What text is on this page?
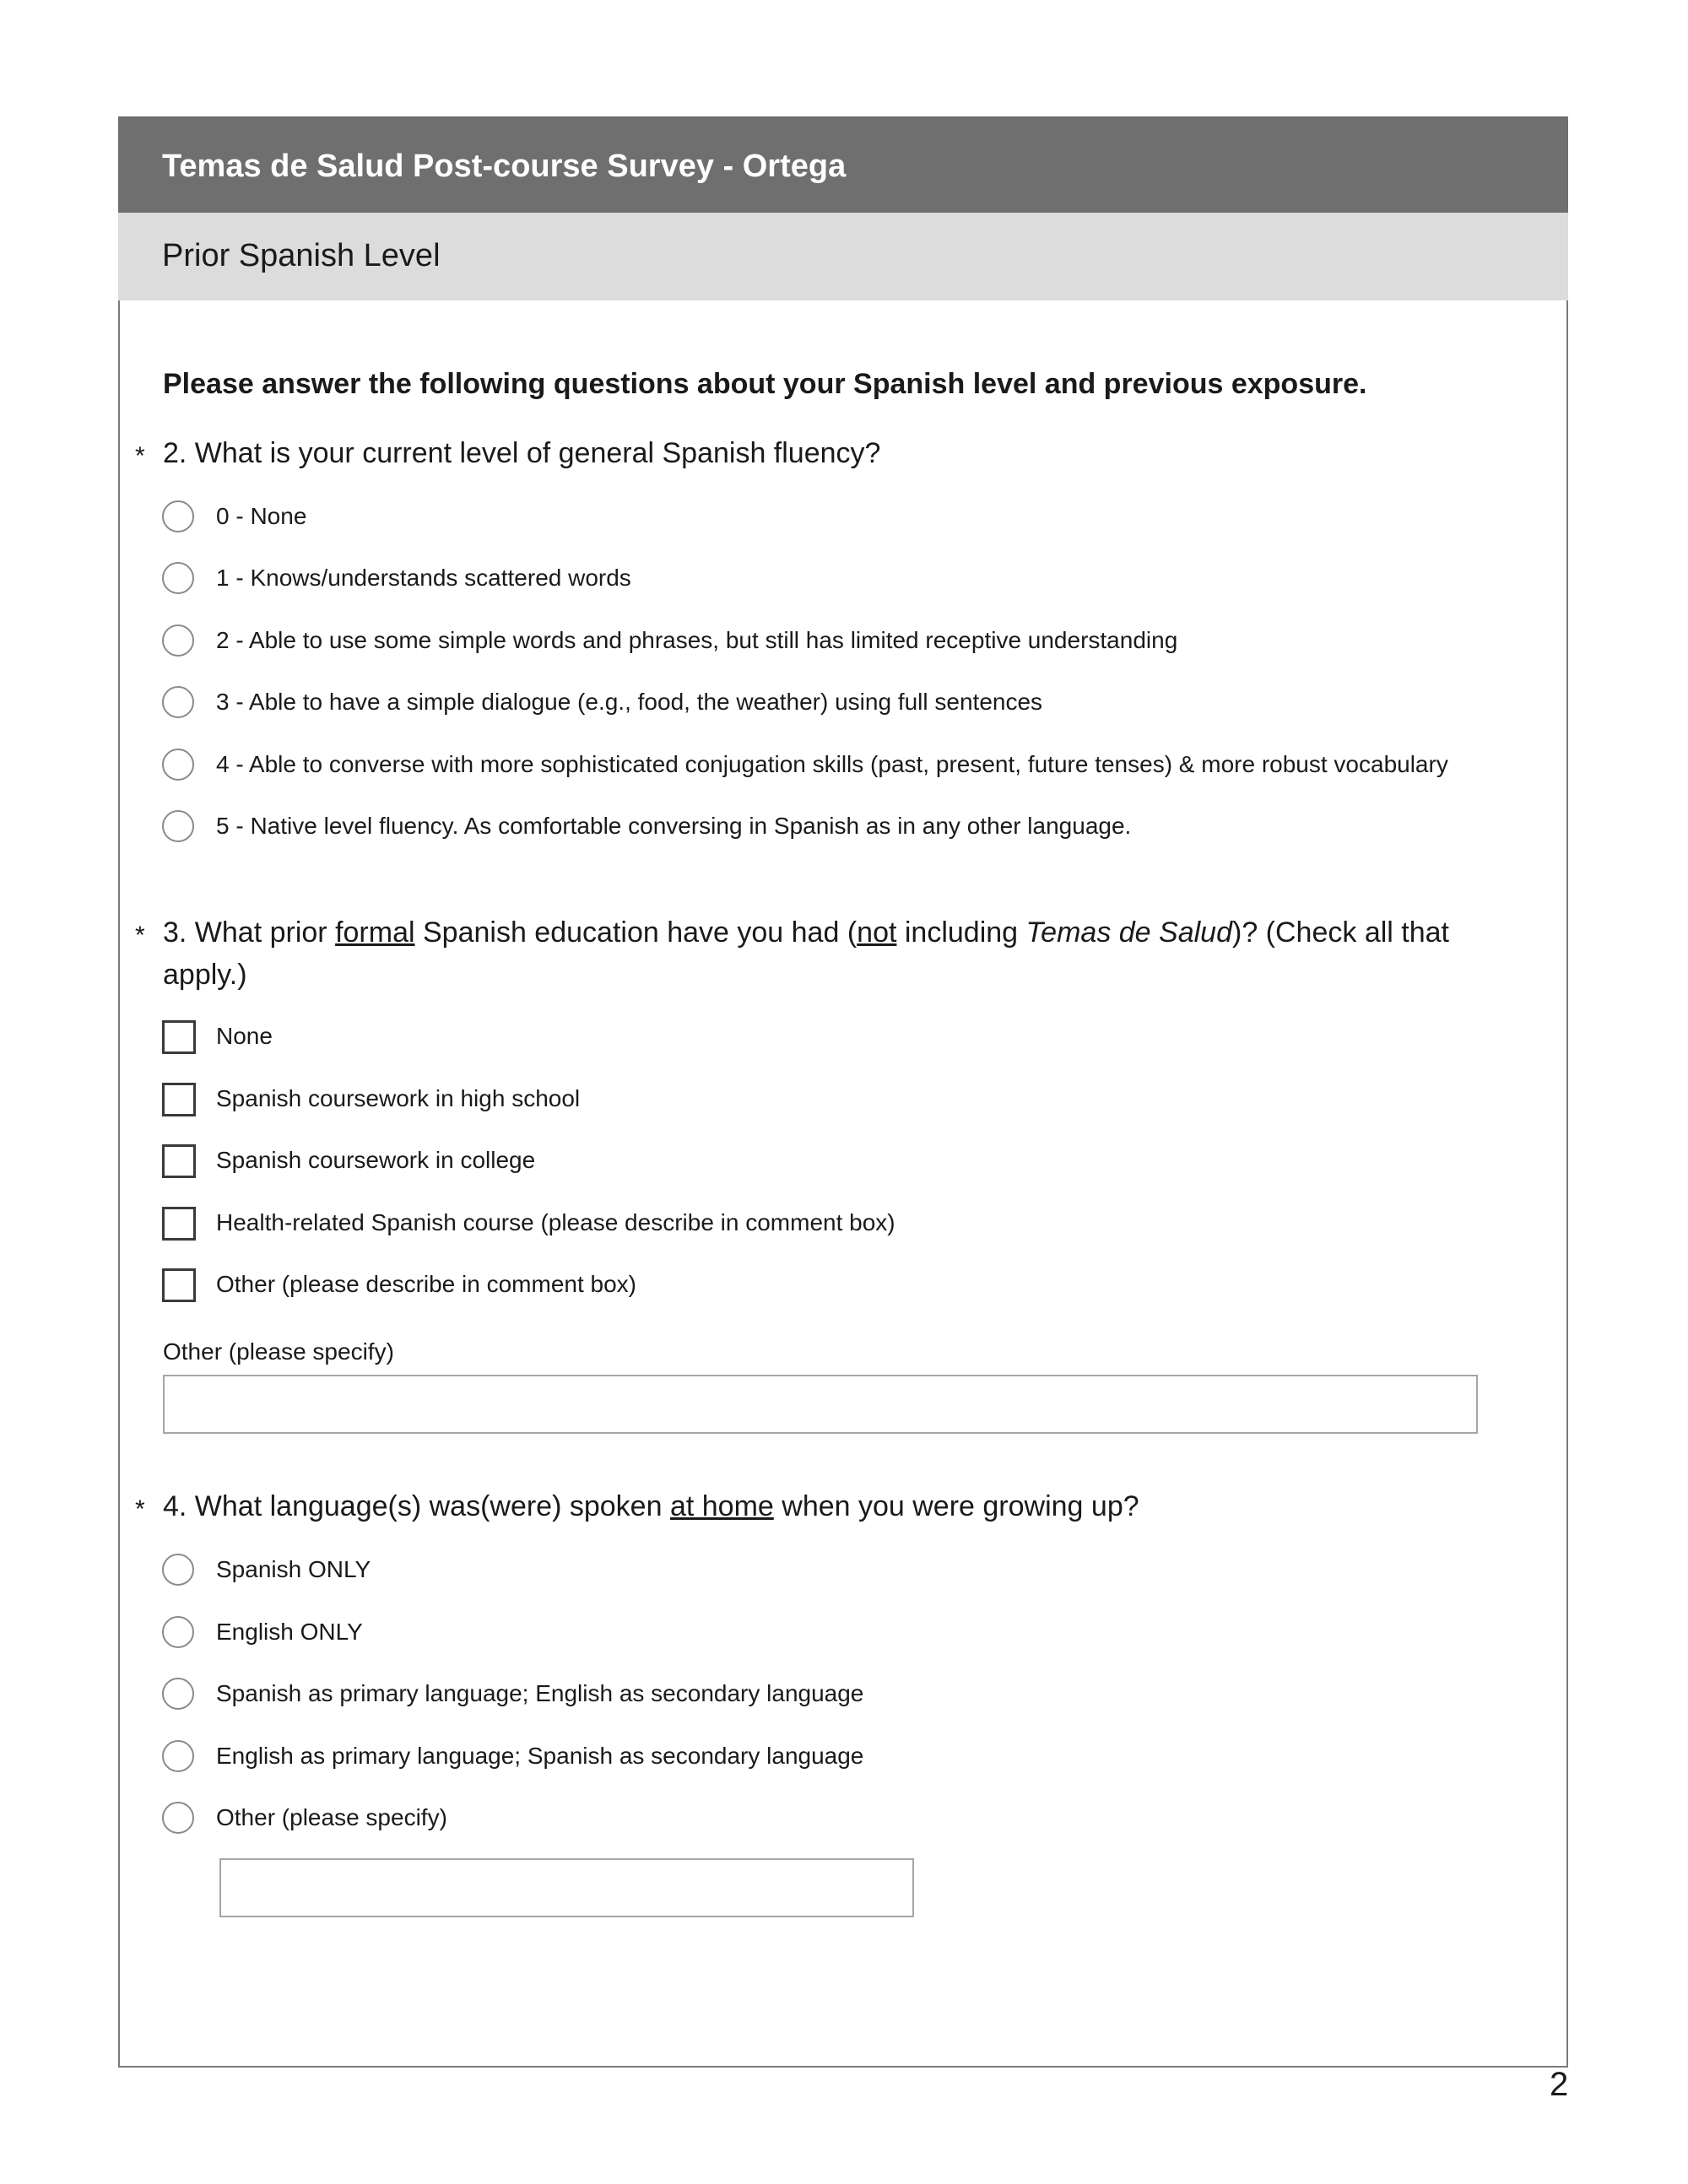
Temas de Salud Post-course Survey - Ortega
Prior Spanish Level
Please answer the following questions about your Spanish level and previous exposure.
* 2. What is your current level of general Spanish fluency?
0 - None
1 - Knows/understands scattered words
2 - Able to use some simple words and phrases, but still has limited receptive understanding
3 - Able to have a simple dialogue (e.g., food, the weather) using full sentences
4 - Able to converse with more sophisticated conjugation skills (past, present, future tenses) & more robust vocabulary
5 - Native level fluency. As comfortable conversing in Spanish as in any other language.
* 3. What prior formal Spanish education have you had (not including Temas de Salud)? (Check all that apply.)
None
Spanish coursework in high school
Spanish coursework in college
Health-related Spanish course (please describe in comment box)
Other (please describe in comment box)
Other (please specify)
* 4. What language(s) was(were) spoken at home when you were growing up?
Spanish ONLY
English ONLY
Spanish as primary language; English as secondary language
English as primary language; Spanish as secondary language
Other (please specify)
2
